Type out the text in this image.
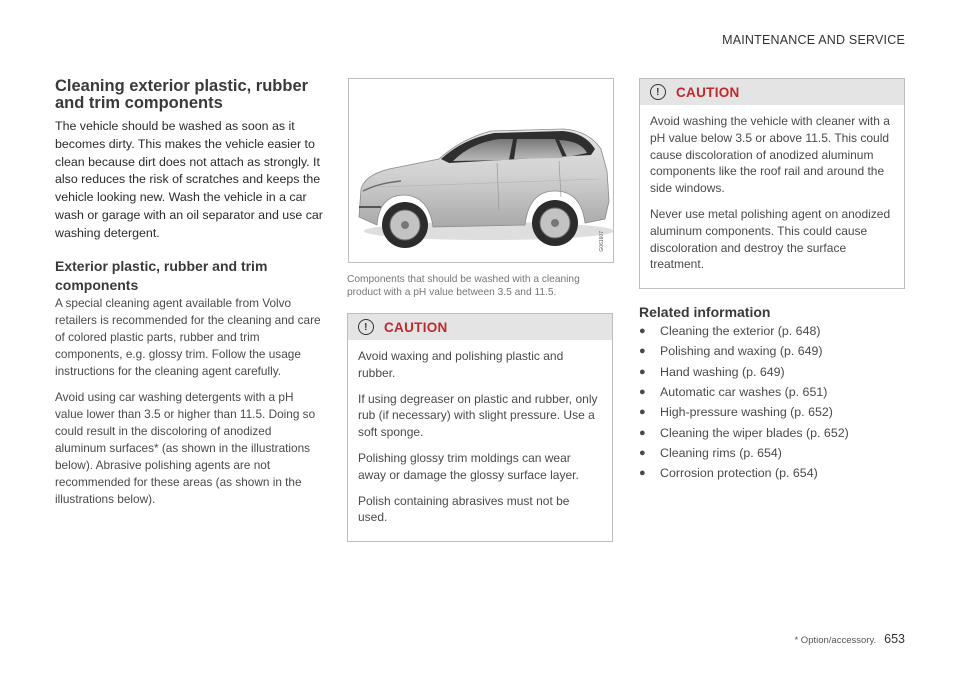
MAINTENANCE AND SERVICE
Cleaning exterior plastic, rubber and trim components

The vehicle should be washed as soon as it becomes dirty. This makes the vehicle easier to clean because dirt does not attach as strongly. It also reduces the risk of scratches and keeps the vehicle looking new. Wash the vehicle in a car wash or garage with an oil separator and use car washing detergent.

Exterior plastic, rubber and trim components

A special cleaning agent available from Volvo retailers is recommended for the cleaning and care of colored plastic parts, rubber and trim components, e.g. glossy trim. Follow the usage instructions for the cleaning agent carefully.

Avoid using car washing detergents with a pH value lower than 3.5 or higher than 11.5. Doing so could result in the discoloring of anodized aluminum surfaces* (as shown in the illustrations below). Abrasive polishing agents are not recommended for these areas (as shown in the illustrations below).

G061607

Components that should be washed with a cleaning product with a pH value between 3.5 and 11.5.

!	CAUTION

Avoid waxing and polishing plastic and rubber.

If using degreaser on plastic and rubber, only rub (if necessary) with slight pressure. Use a soft sponge.

Polishing glossy trim moldings can wear away or damage the glossy surface layer.

Polish containing abrasives must not be used.

!	CAUTION

Avoid washing the vehicle with cleaner with a pH value below 3.5 or above 11.5. This could cause discoloration of anodized aluminum components like the roof rail and around the side windows.

Never use metal polishing agent on anodized aluminum components. This could cause discoloration and destroy the surface treatment.

Related information
●	Cleaning the exterior (p. 648)
●	Polishing and waxing (p. 649)
●	Hand washing (p. 649)
●	Automatic car washes (p. 651)
●	High-pressure washing (p. 652)
●	Cleaning the wiper blades (p. 652)
●	Cleaning rims (p. 654)
●	Corrosion protection (p. 654)
* Option/accessory. 653
